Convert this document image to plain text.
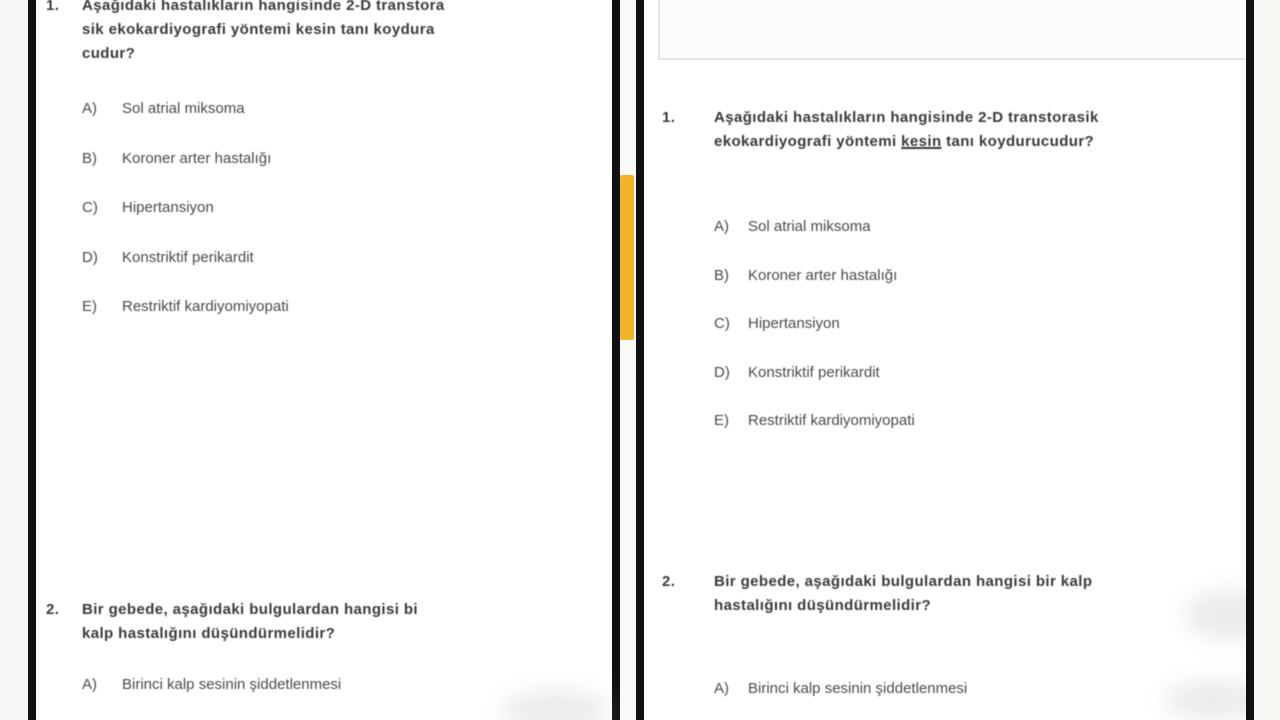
1. Aşağıdaki hastalıkların hangisinde 2-D transtora
sik ekokardiyografi yöntemi kesin tanı koydura
cudur?
A)	Sol atrial miksoma
B)	Koroner arter hastalığı
C)	Hipertansiyon
D)	Konstriktif perikardit
E)	Restriktif kardiyomiyopati
2. Bir gebede, aşağıdaki bulgulardan hangisi bi
kalp hastalığını düşündürmelidir?
A)	Birinci kalp sesinin şiddetlenmesi
1.	Aşağıdaki hastalıkların hangisinde 2-D transtorasik
ekokardiyografi yöntemi kesin tanı koydurucudur?
A)	Sol atrial miksoma
B)	Koroner arter hastalığı
C)	Hipertansiyon
D)	Konstriktif perikardit
E)	Restriktif kardiyomiyopati
2.	Bir gebede, aşağıdaki bulgulardan hangisi bir kalp
hastalığını düşündürmelidir?
A)	Birinci kalp sesinin şiddetlenmesi
